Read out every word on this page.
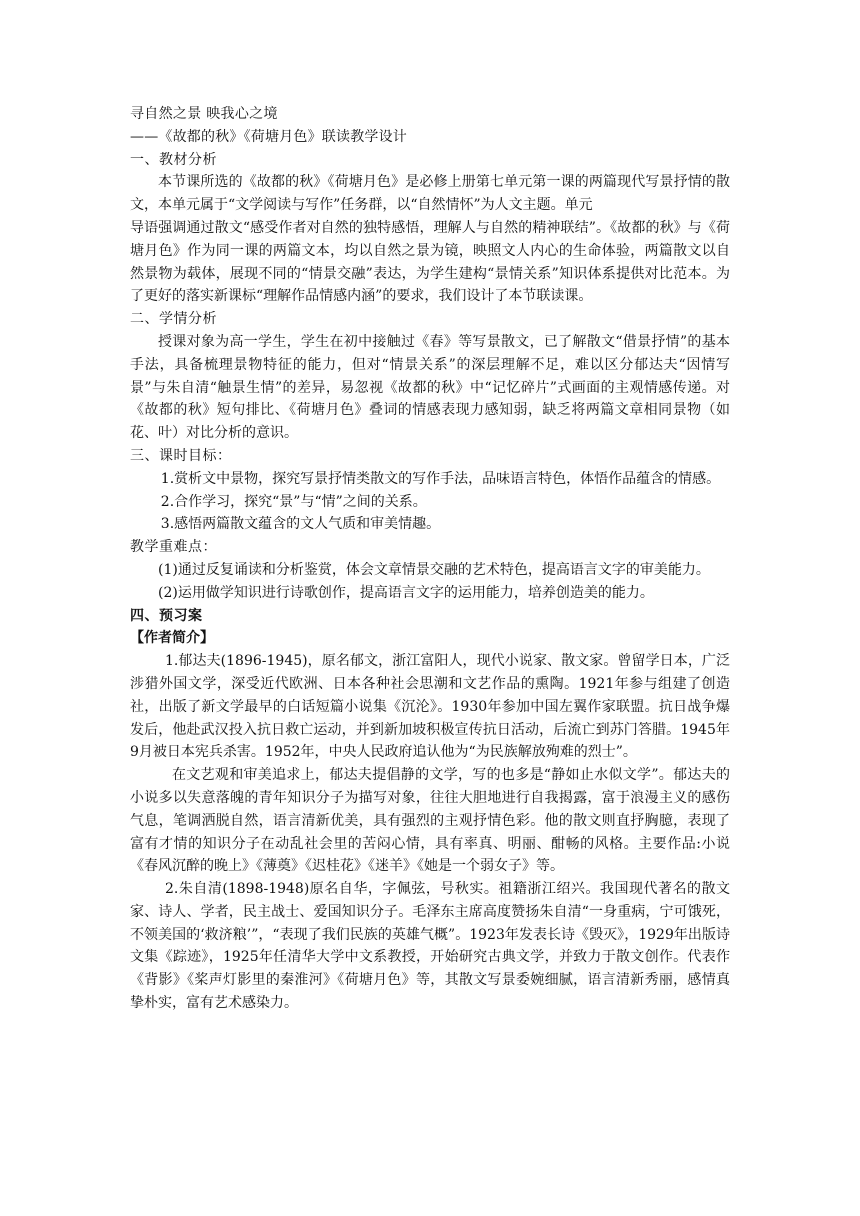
寻自然之景 映我心之境

——《故都的秋》《荷塘月色》联读教学设计

一、教材分析

本节课所选的《故都的秋》《荷塘月色》是必修上册第七单元第一课的两篇现代写景抒情的散文，本单元属于“文学阅读与写作”任务群，以“自然情怀”为人文主题。单元

导语强调通过散文“感受作者对自然的独特感悟，理解人与自然的精神联结”。《故都的秋》与《荷塘月色》作为同一课的两篇文本，均以自然之景为镜，映照文人内心的生命体验，两篇散文以自然景物为载体，展现不同的“情景交融”表达，为学生建构“景情关系”知识体系提供对比范本。为了更好的落实新课标“理解作品情感内涵”的要求，我们设计了本节联读课。

二、学情分析

授课对象为高一学生，学生在初中接触过《春》等写景散文，已了解散文“借景抒情”的基本手法，具备梳理景物特征的能力，但对“情景关系”的深层理解不足，难以区分郁达夫“因情写景”与朱自清“触景生情”的差异，易忽视《故都的秋》中“记忆碎片”式画面的主观情感传递。对《故都的秋》短句排比、《荷塘月色》叠词的情感表现力感知弱，缺乏将两篇文章相同景物（如花、叶）对比分析的意识。

三、课时目标：

1.赏析文中景物，探究写景抒情类散文的写作手法，品味语言特色，体悟作品蕴含的情感。

2.合作学习，探究“景”与“情”之间的关系。

3.感悟两篇散文蕴含的文人气质和审美情趣。

教学重难点：

(1)通过反复诵读和分析鉴赏，体会文章情景交融的艺术特色，提高语言文字的审美能力。

(2)运用做学知识进行诗歌创作，提高语言文字的运用能力，培养创造美的能力。

四、预习案

【作者简介】

1.郁达夫(1896-1945)，原名郁文，浙江富阳人，现代小说家、散文家。曾留学日本，广泛涉猎外国文学，深受近代欧洲、日本各种社会思潮和文艺作品的熏陶。1921年参与组建了创造社，出版了新文学最早的白话短篇小说集《沉沦》。1930年参加中国左翼作家联盟。抗日战争爆发后，他赴武汉投入抗日救亡运动，并到新加坡积极宣传抗日活动，后流亡到苏门答腊。1945年9月被日本宪兵杀害。1952年，中央人民政府追认他为“为民族解放殉难的烈士”。

在文艺观和审美追求上，郁达夫提倡静的文学，写的也多是“静如止水似文学”。郁达夫的小说多以失意落魄的青年知识分子为描写对象，往往大胆地进行自我揭露，富于浪漫主义的感伤气息，笔调洒脱自然，语言清新优美，具有强烈的主观抒情色彩。他的散文则直抒胸臆，表现了富有才情的知识分子在动乱社会里的苦闷心情，具有率真、明丽、酣畅的风格。主要作品:小说《春风沉醉的晚上》《薄奠》《迟桂花》《迷羊》《她是一个弱女子》等。

2.朱自清(1898-1948)原名自华，字佩弦，号秋实。祖籍浙江绍兴。我国现代著名的散文家、诗人、学者，民主战士、爱国知识分子。毛泽东主席高度赞扬朱自清“一身重病，宁可饿死，不领美国的‘救济粮’”，“表现了我们民族的英雄气概”。1923年发表长诗《毁灭》，1929年出版诗文集《踪迹》，1925年任清华大学中文系教授，开始研究古典文学，并致力于散文创作。代表作《背影》《桨声灯影里的秦淮河》《荷塘月色》等，其散文写景委婉细腻，语言清新秀丽，感情真挚朴实，富有艺术感染力。
